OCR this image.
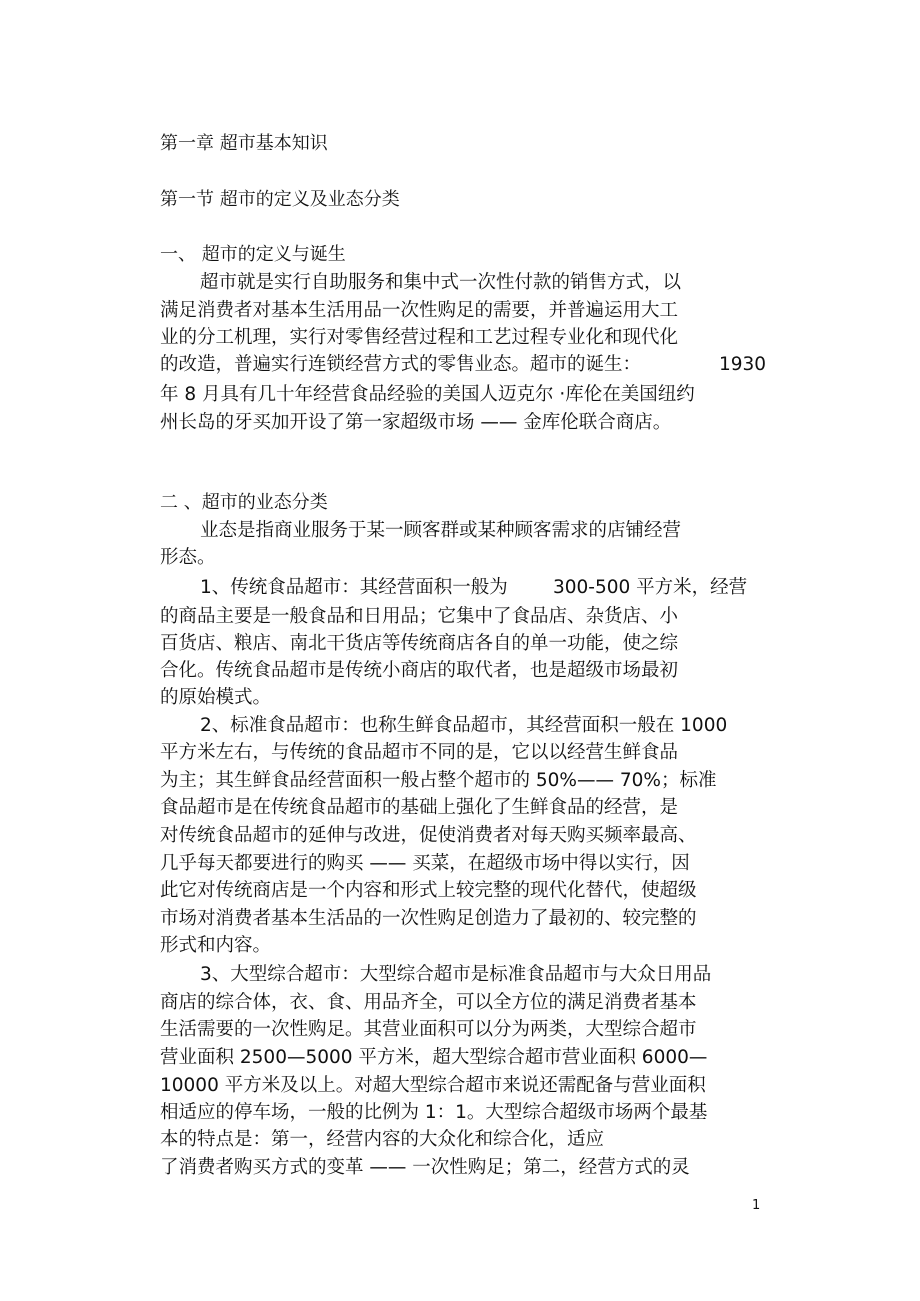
第一章 超市基本知识
第一节 超市的定义及业态分类
一、 超市的定义与诞生
超市就是实行自助服务和集中式一次性付款的销售方式，以
满足消费者对基本生活用品一次性购足的需要，并普遍运用大工
业的分工机理，实行对零售经营过程和工艺过程专业化和现代化
的改造，普遍实行连锁经营方式的零售业态。超市的诞生：	1930
年 8 月具有几十年经营食品经验的美国人迈克尔 ·库伦在美国纽约
州长岛的牙买加开设了第一家超级市场 —— 金库伦联合商店。
二 、超市的业态分类
业态是指商业服务于某一顾客群或某种顾客需求的店铺经营
形态。
1、传统食品超市：其经营面积一般为 300-500 平方米，经营
的商品主要是一般食品和日用品；它集中了食品店、杂货店、小
百货店、粮店、南北干货店等传统商店各自的单一功能，使之综
合化。传统食品超市是传统小商店的取代者，也是超级市场最初
的原始模式。
2、标准食品超市：也称生鲜食品超市，其经营面积一般在 1000
平方米左右，与传统的食品超市不同的是，它以以经营生鲜食品
为主；其生鲜食品经营面积一般占整个超市的 50%—— 70%；标准
食品超市是在传统食品超市的基础上强化了生鲜食品的经营，是
对传统食品超市的延伸与改进，促使消费者对每天购买频率最高、
几乎每天都要进行的购买 —— 买菜，在超级市场中得以实行，因
此它对传统商店是一个内容和形式上较完整的现代化替代，使超级
市场对消费者基本生活品的一次性购足创造力了最初的、较完整的
形式和内容。
3、大型综合超市：大型综合超市是标准食品超市与大众日用品
商店的综合体，衣、食、用品齐全，可以全方位的满足消费者基本
生活需要的一次性购足。其营业面积可以分为两类，大型综合超市
营业面积 2500—5000 平方米，超大型综合超市营业面积 6000—
10000 平方米及以上。对超大型综合超市来说还需配备与营业面积
相适应的停车场，一般的比例为 1：1。大型综合超级市场两个最基
本的特点是：第一，经营内容的大众化和综合化，适应
了消费者购买方式的变革 —— 一次性购足；第二，经营方式的灵
1
